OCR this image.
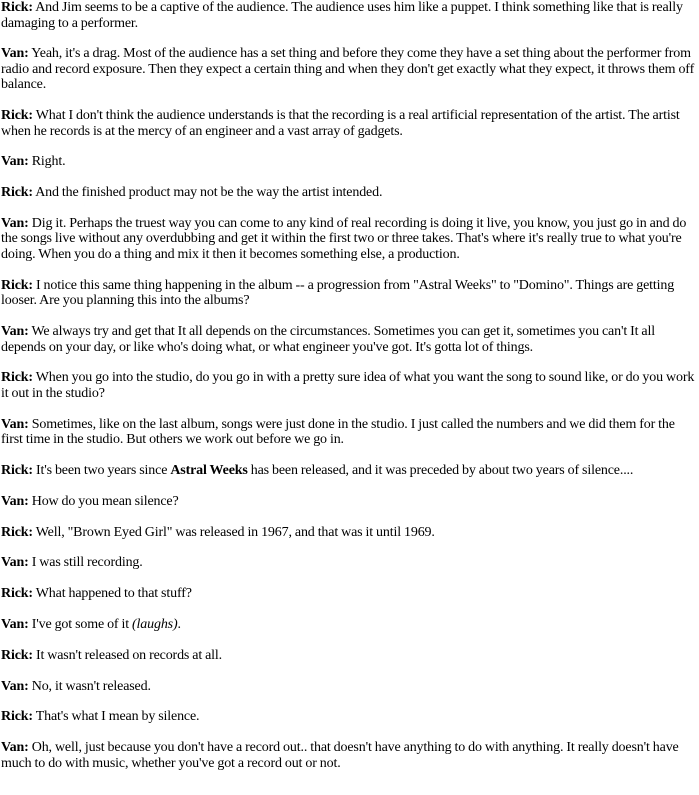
Rick: And Jim seems to be a captive of the audience. The audience uses him like a puppet. I think something like that is really damaging to a performer.

Van: Yeah, it's a drag. Most of the audience has a set thing and before they come they have a set thing about the performer from radio and record exposure. Then they expect a certain thing and when they don't get exactly what they expect, it throws them off balance.

Rick: What I don't think the audience understands is that the recording is a real artificial representation of the artist. The artist when he records is at the mercy of an engineer and a vast array of gadgets.

Van: Right.

Rick: And the finished product may not be the way the artist intended.

Van: Dig it. Perhaps the truest way you can come to any kind of real recording is doing it live, you know, you just go in and do the songs live without any overdubbing and get it within the first two or three takes. That's where it's really true to what you're doing. When you do a thing and mix it then it becomes something else, a production.

Rick: I notice this same thing happening in the album -- a progression from "Astral Weeks" to "Domino". Things are getting looser. Are you planning this into the albums?

Van: We always try and get that It all depends on the circumstances. Sometimes you can get it, sometimes you can't It all depends on your day, or like who's doing what, or what engineer you've got. It's gotta lot of things.

Rick: When you go into the studio, do you go in with a pretty sure idea of what you want the song to sound like, or do you work it out in the studio?

Van: Sometimes, like on the last album, songs were just done in the studio. I just called the numbers and we did them for the first time in the studio. But others we work out before we go in.

Rick: It's been two years since Astral Weeks has been released, and it was preceded by about two years of silence....

Van: How do you mean silence?

Rick: Well, "Brown Eyed Girl" was released in 1967, and that was it until 1969.

Van: I was still recording.

Rick: What happened to that stuff?

Van: I've got some of it (laughs).

Rick: It wasn't released on records at all.

Van: No, it wasn't released.

Rick: That's what I mean by silence.

Van: Oh, well, just because you don't have a record out.. that doesn't have anything to do with anything. It really doesn't have much to do with music, whether you've got a record out or not.
